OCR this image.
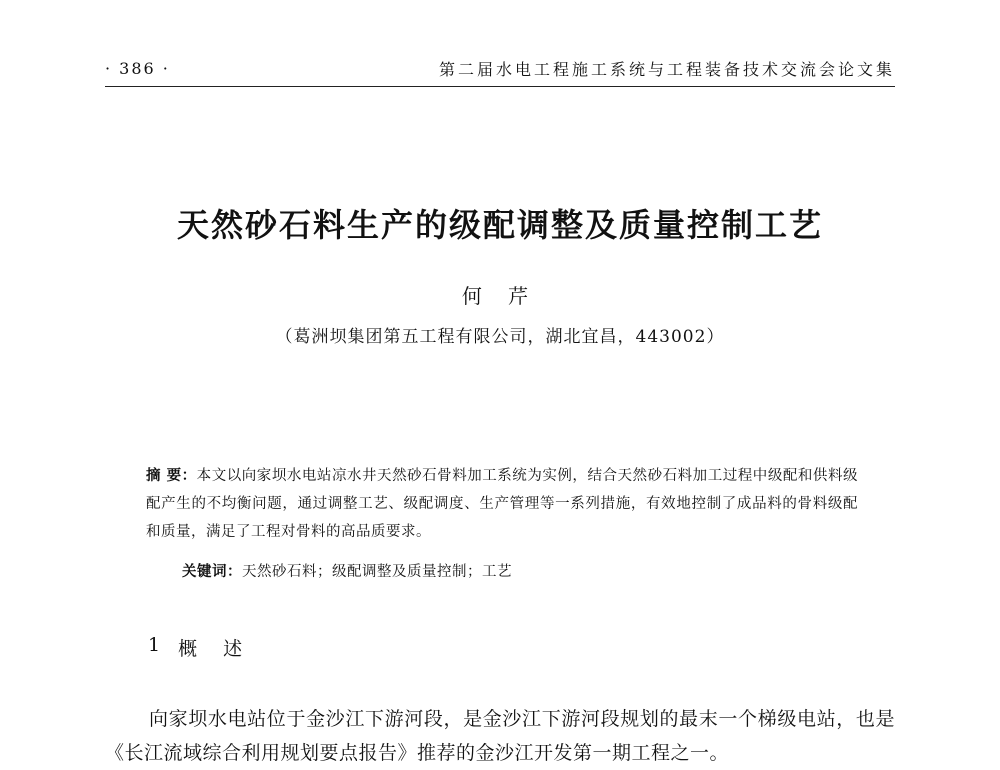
· 386 ·	第二届水电工程施工系统与工程装备技术交流会论文集
天然砂石料生产的级配调整及质量控制工艺
何 芹
（葛洲坝集团第五工程有限公司，湖北宜昌，443002）
摘 要：本文以向家坝水电站凉水井天然砂石骨料加工系统为实例，结合天然砂石料加工过程中级配和供料级配产生的不均衡问题，通过调整工艺、级配调度、生产管理等一系列措施，有效地控制了成品料的骨料级配和质量，满足了工程对骨料的高品质要求。
关键词：天然砂石料；级配调整及质量控制；工艺
1 概 述
向家坝水电站位于金沙江下游河段，是金沙江下游河段规划的最末一个梯级电站，也是《长江流域综合利用规划要点报告》推荐的金沙江开发第一期工程之一。
